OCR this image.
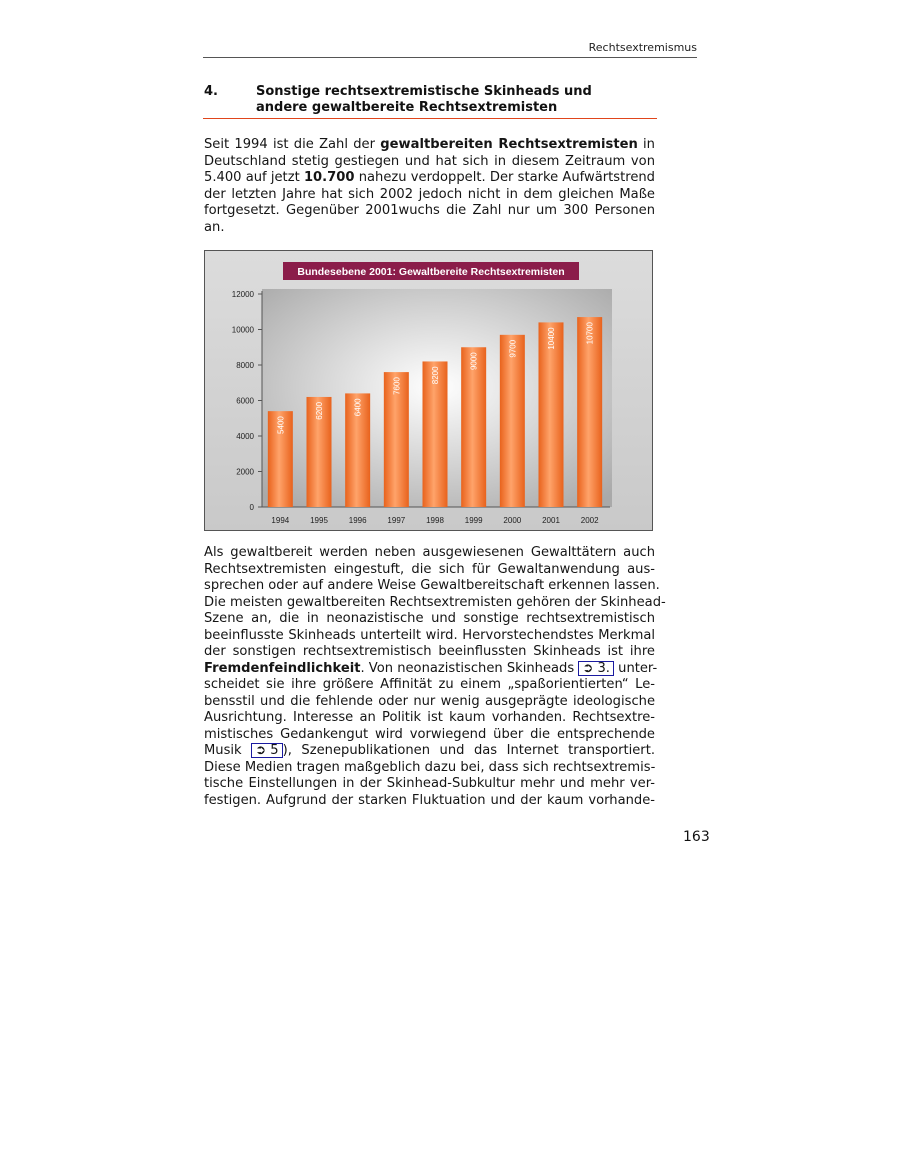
Rechtsextremismus
4.	Sonstige rechtsextremistische Skinheads und
andere gewaltbereite Rechtsextremisten
Seit 1994 ist die Zahl der gewaltbereiten Rechtsextremisten in
Deutschland stetig gestiegen und hat sich in diesem Zeitraum von
5.400 auf jetzt 10.700 nahezu verdoppelt. Der starke Aufwärtstrend
der letzten Jahre hat sich 2002 jedoch nicht in dem gleichen Maße
fortgesetzt. Gegenüber 2001wuchs die Zahl nur um 300 Personen
an.
Bundesebene 2001: Gewaltbereite Rechtsextremisten
0
2000
4000
6000
8000
10000
12000
5400
6200	6400
7600
8200
9000
9700	10400	10700
1994	1995	1996	1997	1998	1999	2000	2001	2002
Als gewaltbereit werden neben ausgewiesenen Gewalttätern auch
Rechtsextremisten eingestuft, die sich für Gewaltanwendung aus-
sprechen oder auf andere Weise Gewaltbereitschaft erkennen lassen.
Die meisten gewaltbereiten Rechtsextremisten gehören der Skinhead-
Szene an, die in neonazistische und sonstige rechtsextremistisch
beeinflusste Skinheads unterteilt wird. Hervorstechendstes Merkmal
der sonstigen rechtsextremistisch beeinflussten Skinheads ist ihre
Fremdenfeindlichkeit. Von neonazistischen Skinheads ➲ 3. unter-
scheidet sie ihre größere Affinität zu einem „spaßorientierten“ Le-
bensstil und die fehlende oder nur wenig ausgeprägte ideologische
Ausrichtung. Interesse an Politik ist kaum vorhanden. Rechtsextre-
mistisches Gedankengut wird vorwiegend über die entsprechende
Musik ➲ 5 ), Szenepublikationen und das Internet transportiert.
Diese Medien tragen maßgeblich dazu bei, dass sich rechtsextremis-
tische Einstellungen in der Skinhead-Subkultur mehr und mehr ver-
festigen. Aufgrund der starken Fluktuation und der kaum vorhande-
163
